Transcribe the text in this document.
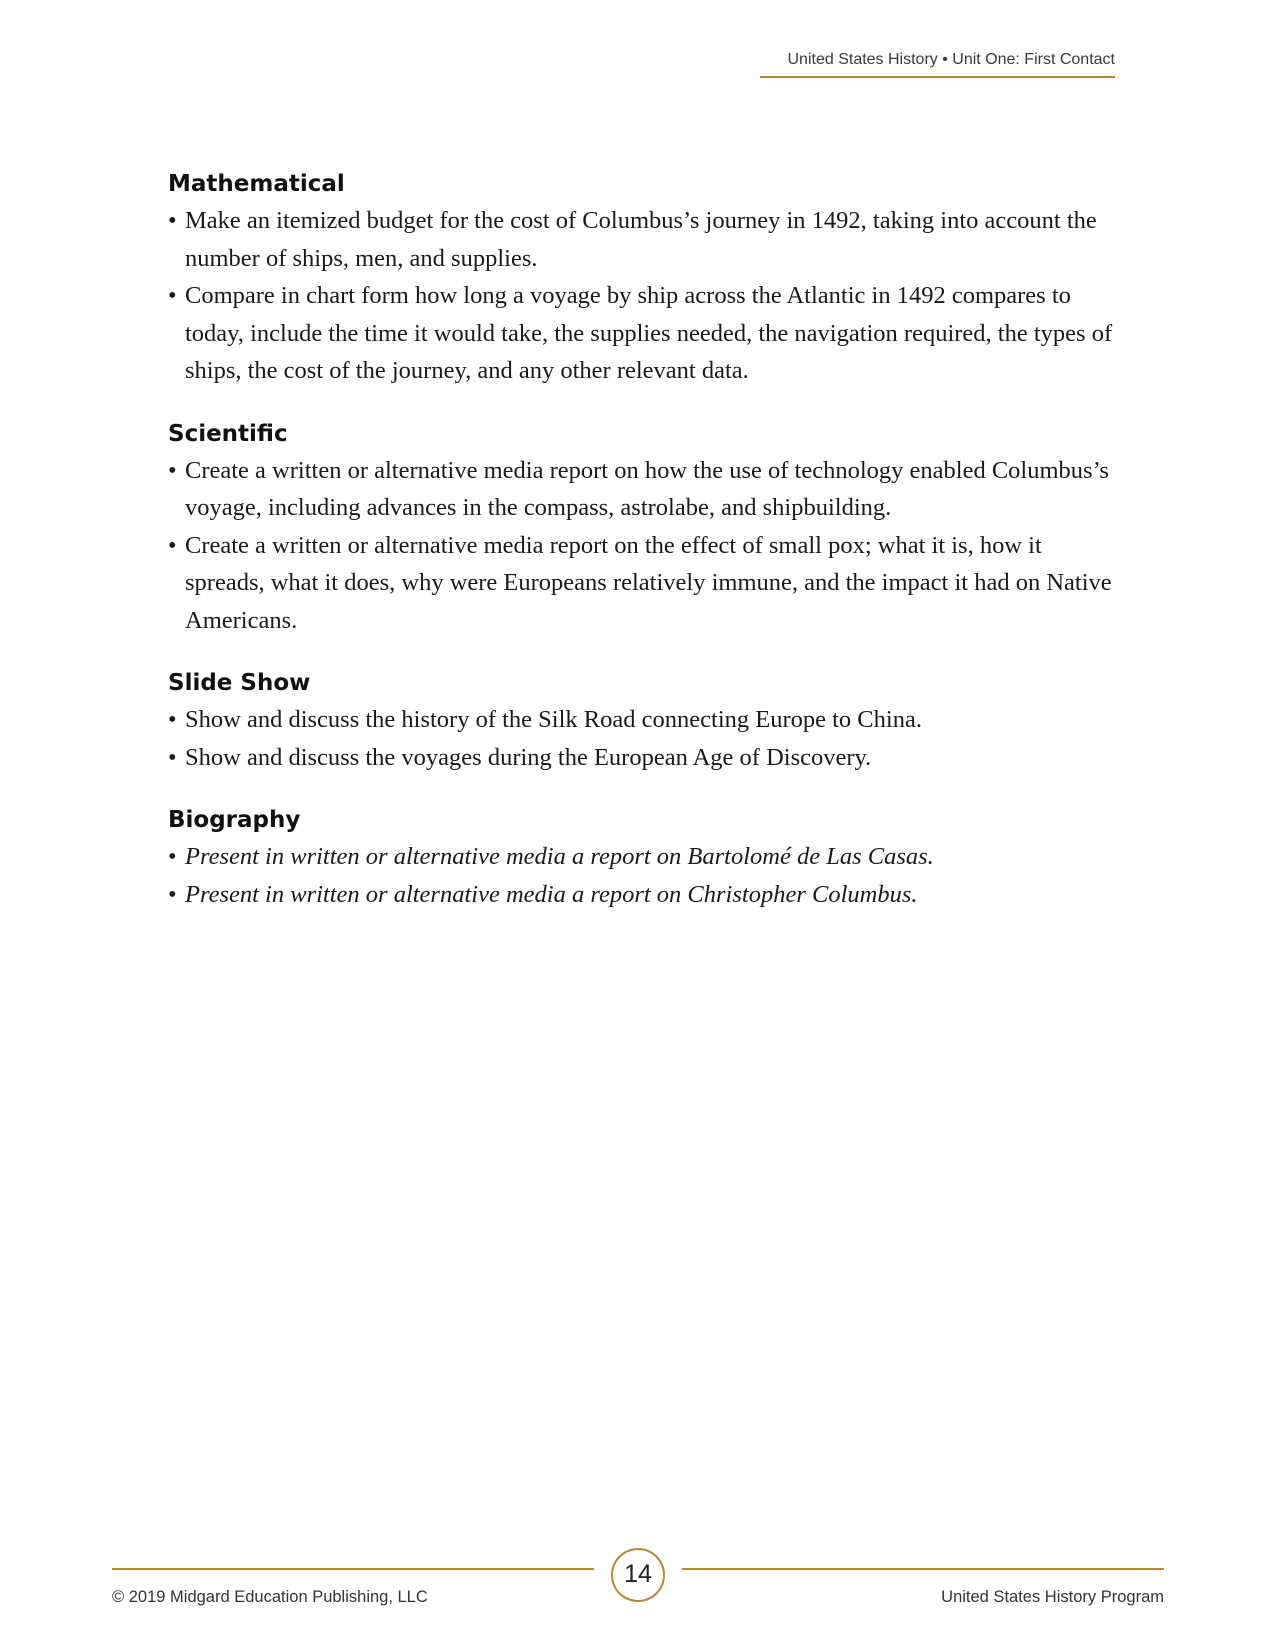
United States History • Unit One: First Contact
Mathematical
• Make an itemized budget for the cost of Columbus’s journey in 1492, taking into account the number of ships, men, and supplies.
• Compare in chart form how long a voyage by ship across the Atlantic in 1492 compares to today, include the time it would take, the supplies needed, the navigation required, the types of ships, the cost of the journey, and any other relevant data.
Scientific
• Create a written or alternative media report on how the use of technology enabled Columbus’s voyage, including advances in the compass, astrolabe, and shipbuilding.
• Create a written or alternative media report on the effect of small pox; what it is, how it spreads, what it does, why were Europeans relatively immune, and the impact it had on Native Americans.
Slide Show
• Show and discuss the history of the Silk Road connecting Europe to China.
• Show and discuss the voyages during the European Age of Discovery.
Biography
• Present in written or alternative media a report on Bartolomé de Las Casas.
• Present in written or alternative media a report on Christopher Columbus.
14
© 2019 Midgard Education Publishing, LLC	United States History Program
